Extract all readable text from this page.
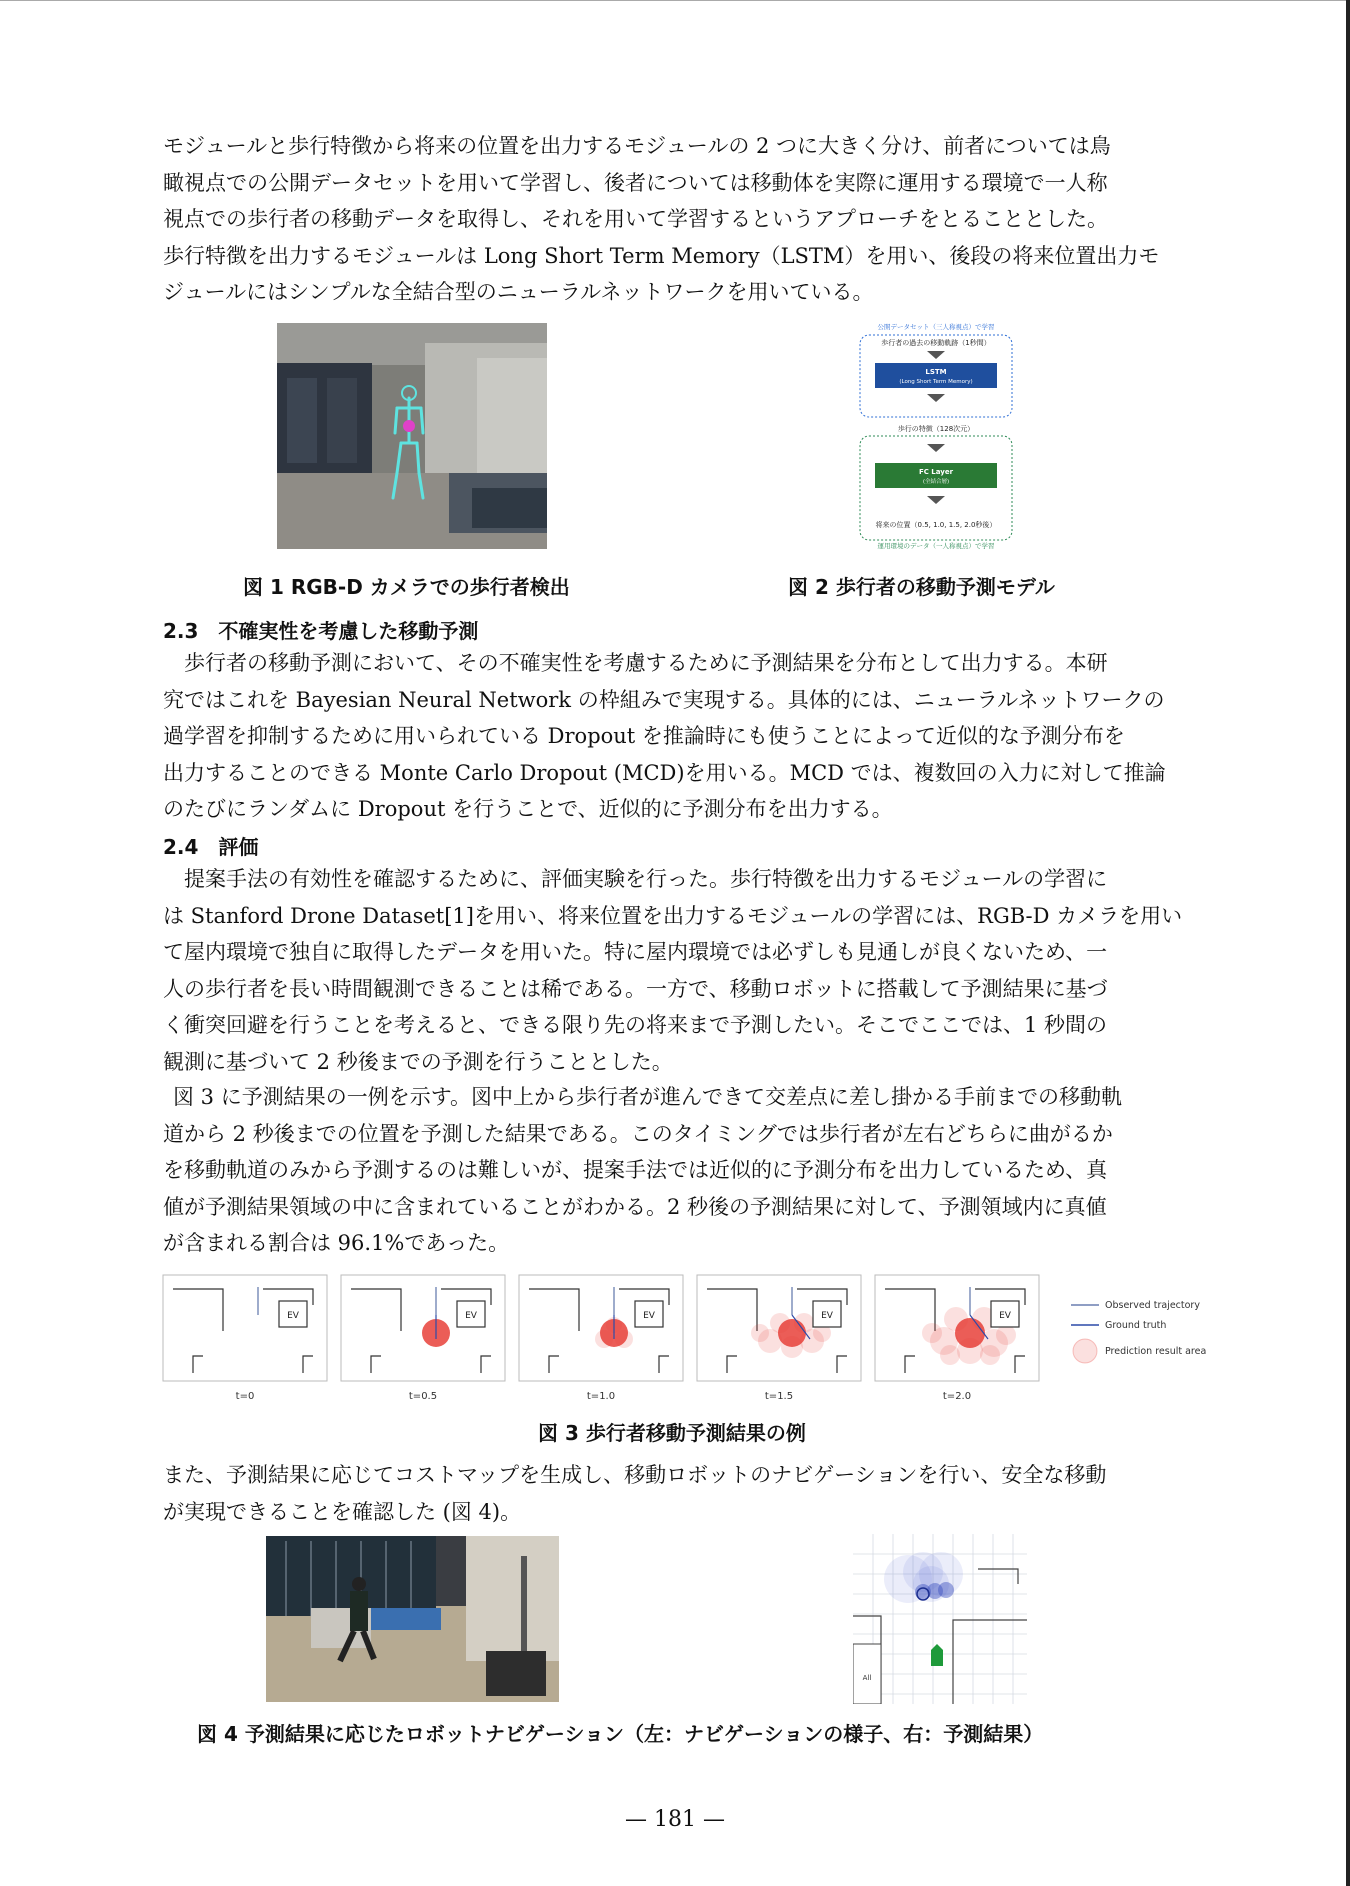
モジュールと歩行特徴から将来の位置を出力するモジュールの 2 つに大きく分け、前者については鳥
瞰視点での公開データセットを用いて学習し、後者については移動体を実際に運用する環境で一人称
視点での歩行者の移動データを取得し、それを用いて学習するというアプローチをとることとした。
歩行特徴を出力するモジュールは Long Short Term Memory（LSTM）を用い、後段の将来位置出力モ
ジュールにはシンプルな全結合型のニューラルネットワークを用いている。

図 1 RGB-D カメラでの歩行者検出

公開データセット（三人称視点）で学習
歩行者の過去の移動軌跡（1秒間）
LSTM
(Long Short Term Memory)
歩行の特徴（128次元）
FC Layer
(全結合層)
将来の位置（0.5, 1.0, 1.5, 2.0秒後）
運用環境のデータ（一人称視点）で学習

図 2 歩行者の移動予測モデル

2.3　不確実性を考慮した移動予測

歩行者の移動予測において、その不確実性を考慮するために予測結果を分布として出力する。本研
究ではこれを Bayesian Neural Network の枠組みで実現する。具体的には、ニューラルネットワークの
過学習を抑制するために用いられている Dropout を推論時にも使うことによって近似的な予測分布を
出力することのできる Monte Carlo Dropout (MCD)を用いる。MCD では、複数回の入力に対して推論
のたびにランダムに Dropout を行うことで、近似的に予測分布を出力する。

2.4　評価

提案手法の有効性を確認するために、評価実験を行った。歩行特徴を出力するモジュールの学習に
は Stanford Drone Dataset[1]を用い、将来位置を出力するモジュールの学習には、RGB-D カメラを用い
て屋内環境で独自に取得したデータを用いた。特に屋内環境では必ずしも見通しが良くないため、一
人の歩行者を長い時間観測できることは稀である。一方で、移動ロボットに搭載して予測結果に基づ
く衝突回避を行うことを考えると、できる限り先の将来まで予測したい。そこでここでは、1 秒間の
観測に基づいて 2 秒後までの予測を行うこととした。
図 3 に予測結果の一例を示す。図中上から歩行者が進んできて交差点に差し掛かる手前までの移動軌
道から 2 秒後までの位置を予測した結果である。このタイミングでは歩行者が左右どちらに曲がるか
を移動軌道のみから予測するのは難しいが、提案手法では近似的に予測分布を出力しているため、真
値が予測結果領域の中に含まれていることがわかる。2 秒後の予測結果に対して、予測領域内に真値
が含まれる割合は 96.1%であった。
EV
t=0
EV
t=0.5
EV
t=1.0
EV
t=1.5
EV
t=2.0
Observed trajectory
Ground truth
Prediction result area

図 3 歩行者移動予測結果の例

また、予測結果に応じてコストマップを生成し、移動ロボットのナビゲーションを行い、安全な移動
が実現できることを確認した (図 4)。
All

図 4 予測結果に応じたロボットナビゲーション（左：ナビゲーションの様子、右：予測結果）

— 181 —
